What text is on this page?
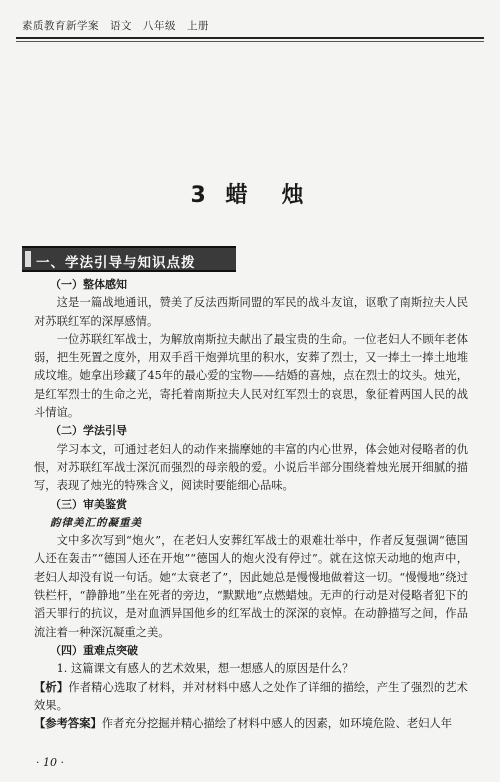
素质教育新学案　语文　八年级　上册
3 蜡　烛
一、学法引导与知识点拨
（一）整体感知

这是一篇战地通讯，赞美了反法西斯同盟的军民的战斗友谊，讴歌了南斯拉夫人民对苏联红军的深厚感情。

一位苏联红军战士，为解放南斯拉夫献出了最宝贵的生命。一位老妇人不顾年老体弱，把生死置之度外，用双手舀干炮弹坑里的积水，安葬了烈士，又一捧土一捧土地堆成坟堆。她拿出珍藏了45年的最心爱的宝物——结婚的喜烛，点在烈士的坟头。烛光，是红军烈士的生命之光，寄托着南斯拉夫人民对红军烈士的哀思，象征着两国人民的战斗情谊。

（二）学法引导

学习本文，可通过老妇人的动作来揣摩她的丰富的内心世界，体会她对侵略者的仇恨，对苏联红军战士深沉而强烈的母亲般的爱。小说后半部分围绕着烛光展开细腻的描写，表现了烛光的特殊含义，阅读时要能细心品味。

（三）审美鉴赏
韵律美汇的凝重美

文中多次写到“炮火”，在老妇人安葬红军战士的艰难壮举中，作者反复强调“德国人还在轰击”“德国人还在开炮”“德国人的炮火没有停过”。就在这惊天动地的炮声中，老妇人却没有说一句话。她“太衰老了”，因此她总是慢慢地做着这一切。“慢慢地”绕过铁栏杆，“静静地”坐在死者的旁边，“默默地”点燃蜡烛。无声的行动是对侵略者犯下的滔天罪行的抗议，是对血洒异国他乡的红军战士的深深的哀悼。在动静描写之间，作品流注着一种深沉凝重之美。

（四）重难点突破

1. 这篇课文有感人的艺术效果，想一想感人的原因是什么？

【析】作者精心选取了材料，并对材料中感人之处作了详细的描绘，产生了强烈的艺术效果。

【参考答案】作者充分挖掘并精心描绘了材料中感人的因素，如环境危险、老妇人年

· 10 ·
